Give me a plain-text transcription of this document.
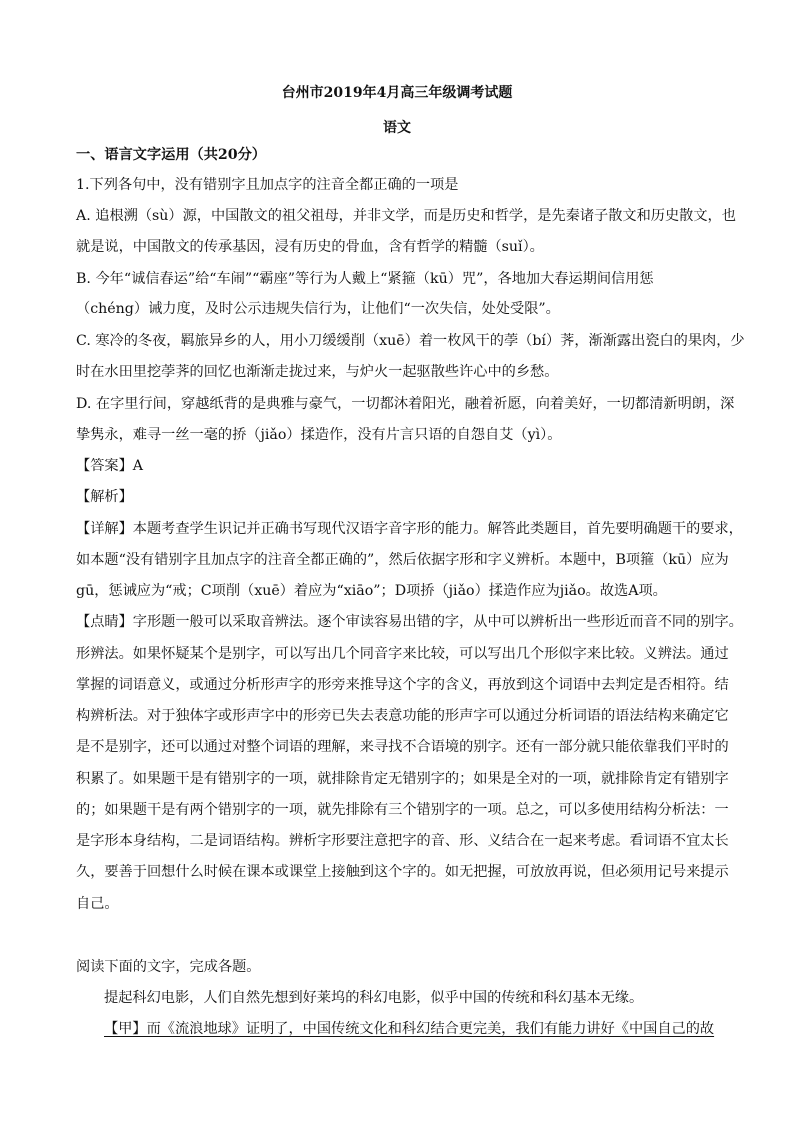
台州市2019年4月高三年级调考试题
语文
一、语言文字运用（共20分）
1.下列各句中，没有错别字且加点字的注音全都正确的一项是
A. 追根溯（sù）源，中国散文的祖父祖母，并非文学，而是历史和哲学，是先秦诸子散文和历史散文，也
就是说，中国散文的传承基因，浸有历史的骨血，含有哲学的精髓（suǐ）。
B. 今年“诚信春运”给“车闹”“霸座”等行为人戴上“紧箍（kū）咒”，各地加大春运期间信用惩
（chéng）诫力度，及时公示违规失信行为，让他们“一次失信，处处受限”。
C. 寒冷的冬夜，羁旅异乡的人，用小刀缓缓削（xuē）着一枚风干的荸（bí）荠，渐渐露出瓷白的果肉，少
时在水田里挖荸荠的回忆也渐渐走拢过来，与炉火一起驱散些许心中的乡愁。
D. 在字里行间，穿越纸背的是典雅与豪气，一切都沐着阳光，融着祈愿，向着美好，一切都清新明朗，深
挚隽永，难寻一丝一毫的挢（jiǎo）揉造作，没有片言只语的自怨自艾（yì）。
【答案】A
【解析】
【详解】本题考查学生识记并正确书写现代汉语字音字形的能力。解答此类题目，首先要明确题干的要求，
如本题“没有错别字且加点字的注音全都正确的”，然后依据字形和字义辨析。本题中，B项箍（kū）应为
gū，惩诫应为“戒；C项削（xuē）着应为“xiāo”；D项挢（jiǎo）揉造作应为jiǎo。故选A项。
【点睛】字形题一般可以采取音辨法。逐个审读容易出错的字，从中可以辨析出一些形近而音不同的别字。
形辨法。如果怀疑某个是别字，可以写出几个同音字来比较，可以写出几个形似字来比较。义辨法。通过
掌握的词语意义，或通过分析形声字的形旁来推导这个字的含义，再放到这个词语中去判定是否相符。结
构辨析法。对于独体字或形声字中的形旁已失去表意功能的形声字可以通过分析词语的语法结构来确定它
是不是别字，还可以通过对整个词语的理解，来寻找不合语境的别字。还有一部分就只能依靠我们平时的
积累了。如果题干是有错别字的一项，就排除肯定无错别字的；如果是全对的一项，就排除肯定有错别字
的；如果题干是有两个错别字的一项，就先排除有三个错别字的一项。总之，可以多使用结构分析法：一
是字形本身结构，二是词语结构。辨析字形要注意把字的音、形、义结合在一起来考虑。看词语不宜太长
久，要善于回想什么时候在课本或课堂上接触到这个字的。如无把握，可放放再说，但必须用记号来提示
自己。
阅读下面的文字，完成各题。
提起科幻电影，人们自然先想到好莱坞的科幻电影，似乎中国的传统和科幻基本无缘。
【甲】而《流浪地球》证明了，中国传统文化和科幻结合更完美，我们有能力讲好《中国自己的故
